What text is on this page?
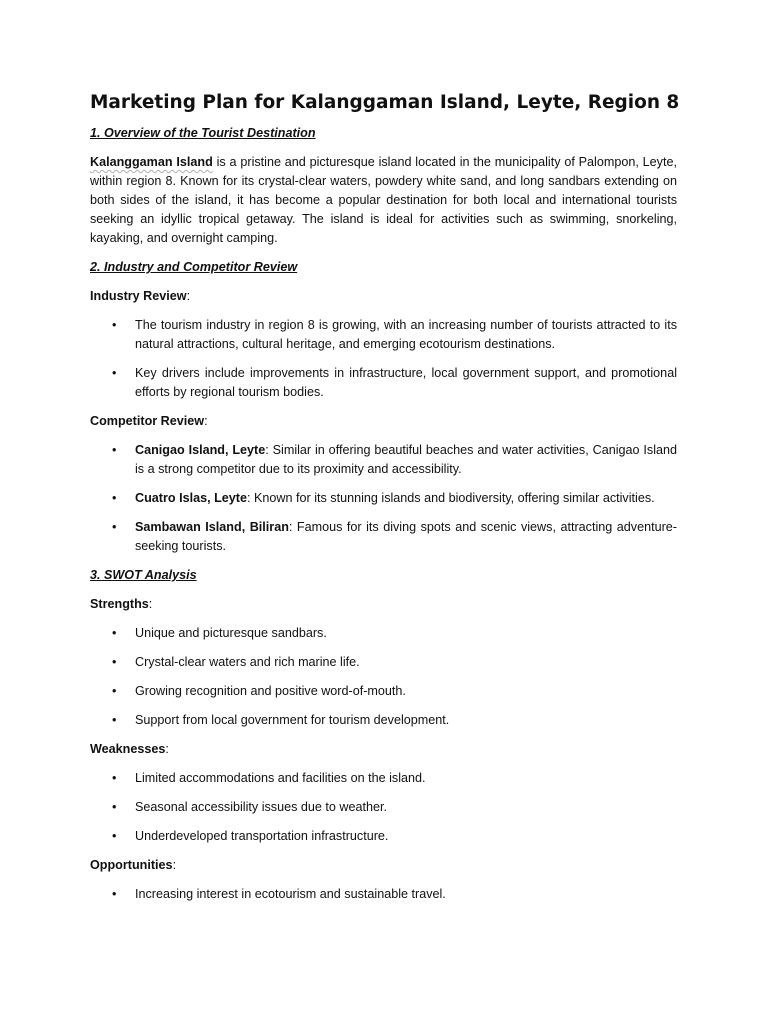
Marketing Plan for Kalanggaman Island, Leyte, Region 8
1. Overview of the Tourist Destination

Kalanggaman Island is a pristine and picturesque island located in the municipality of Palompon, Leyte, within region 8. Known for its crystal-clear waters, powdery white sand, and long sandbars extending on both sides of the island, it has become a popular destination for both local and international tourists seeking an idyllic tropical getaway. The island is ideal for activities such as swimming, snorkeling, kayaking, and overnight camping.

2. Industry and Competitor Review
Industry Review:
• The tourism industry in region 8 is growing, with an increasing number of tourists attracted to its natural attractions, cultural heritage, and emerging ecotourism destinations.
• Key drivers include improvements in infrastructure, local government support, and promotional efforts by regional tourism bodies.
Competitor Review:
• Canigao Island, Leyte: Similar in offering beautiful beaches and water activities, Canigao Island is a strong competitor due to its proximity and accessibility.
• Cuatro Islas, Leyte: Known for its stunning islands and biodiversity, offering similar activities.
• Sambawan Island, Biliran: Famous for its diving spots and scenic views, attracting adventure-seeking tourists.
3. SWOT Analysis
Strengths:
• Unique and picturesque sandbars.
• Crystal-clear waters and rich marine life.
• Growing recognition and positive word-of-mouth.
• Support from local government for tourism development.
Weaknesses:
• Limited accommodations and facilities on the island.
• Seasonal accessibility issues due to weather.
• Underdeveloped transportation infrastructure.
Opportunities:
• Increasing interest in ecotourism and sustainable travel.
